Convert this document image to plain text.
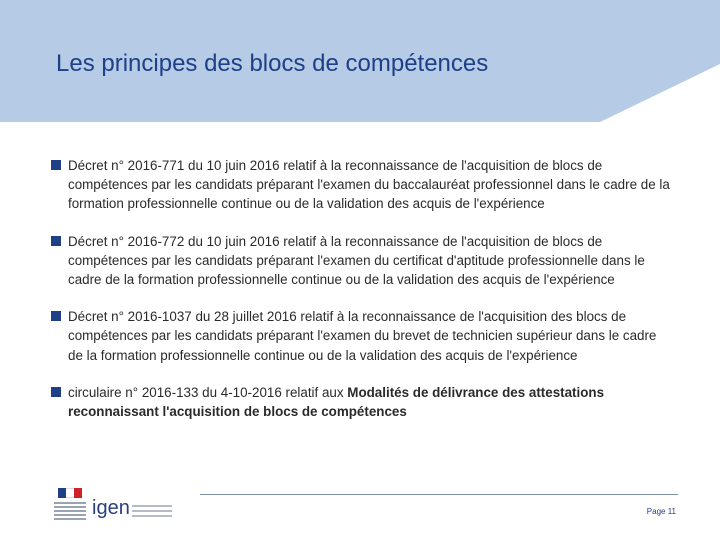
Les principes des blocs de compétences
Décret n° 2016-771 du 10 juin 2016 relatif à la reconnaissance de l'acquisition de blocs de compétences par les candidats préparant l'examen du baccalauréat professionnel dans le cadre de la formation professionnelle continue ou de la validation des acquis de l'expérience
Décret n° 2016-772 du 10 juin 2016 relatif à la reconnaissance de l'acquisition de blocs de compétences par les candidats préparant l'examen du certificat d'aptitude professionnelle dans le cadre de la formation professionnelle continue ou de la validation des acquis de l'expérience
Décret n° 2016-1037 du 28 juillet 2016 relatif à la reconnaissance de l'acquisition des blocs de compétences par les candidats préparant l'examen du brevet de technicien supérieur dans le cadre de la formation professionnelle continue ou de la validation des acquis de l'expérience
circulaire n° 2016-133 du 4-10-2016 relatif aux Modalités de délivrance des attestations reconnaissant l'acquisition de blocs de compétences
igen	Page 11
